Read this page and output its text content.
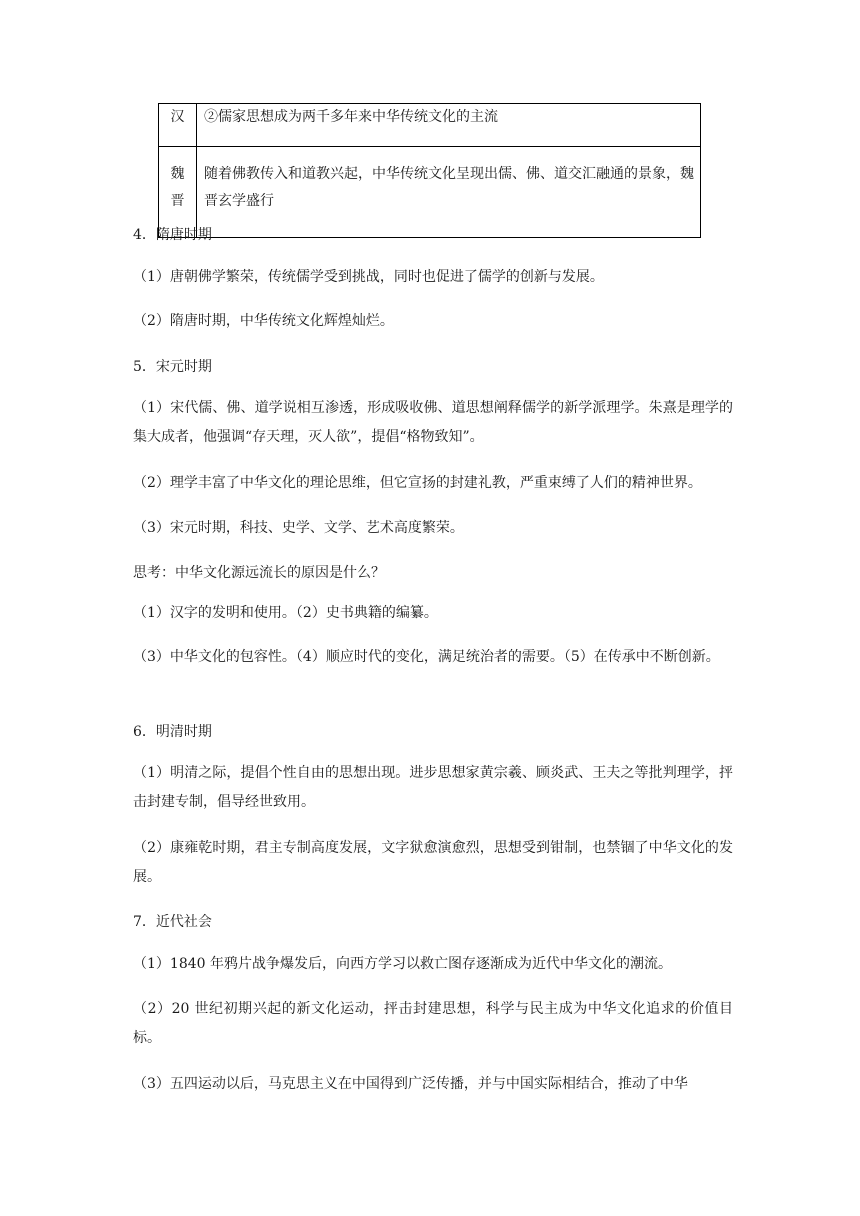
汉	②儒家思想成为两千多年来中华传统文化的主流

魏
晋	随着佛教传入和道教兴起，中华传统文化呈现出儒、佛、道交汇融通的景象，魏晋玄学盛行

4．隋唐时期

（1）唐朝佛学繁荣，传统儒学受到挑战，同时也促进了儒学的创新与发展。

（2）隋唐时期，中华传统文化辉煌灿烂。

5．宋元时期

（1）宋代儒、佛、道学说相互渗透，形成吸收佛、道思想阐释儒学的新学派理学。朱熹是理学的集大成者，他强调“存天理，灭人欲”，提倡“格物致知”。

（2）理学丰富了中华文化的理论思维，但它宣扬的封建礼教，严重束缚了人们的精神世界。

（3）宋元时期，科技、史学、文学、艺术高度繁荣。

思考：中华文化源远流长的原因是什么？

（1）汉字的发明和使用。（2）史书典籍的编纂。

（3）中华文化的包容性。（4）顺应时代的变化，满足统治者的需要。（5）在传承中不断创新。

6．明清时期

（1）明清之际，提倡个性自由的思想出现。进步思想家黄宗羲、顾炎武、王夫之等批判理学，抨击封建专制，倡导经世致用。

（2）康雍乾时期，君主专制高度发展，文字狱愈演愈烈，思想受到钳制，也禁锢了中华文化的发展。

7．近代社会

（1）1840 年鸦片战争爆发后，向西方学习以救亡图存逐渐成为近代中华文化的潮流。

（2）20 世纪初期兴起的新文化运动，抨击封建思想，科学与民主成为中华文化追求的价值目标。

（3）五四运动以后，马克思主义在中国得到广泛传播，并与中国实际相结合，推动了中华
